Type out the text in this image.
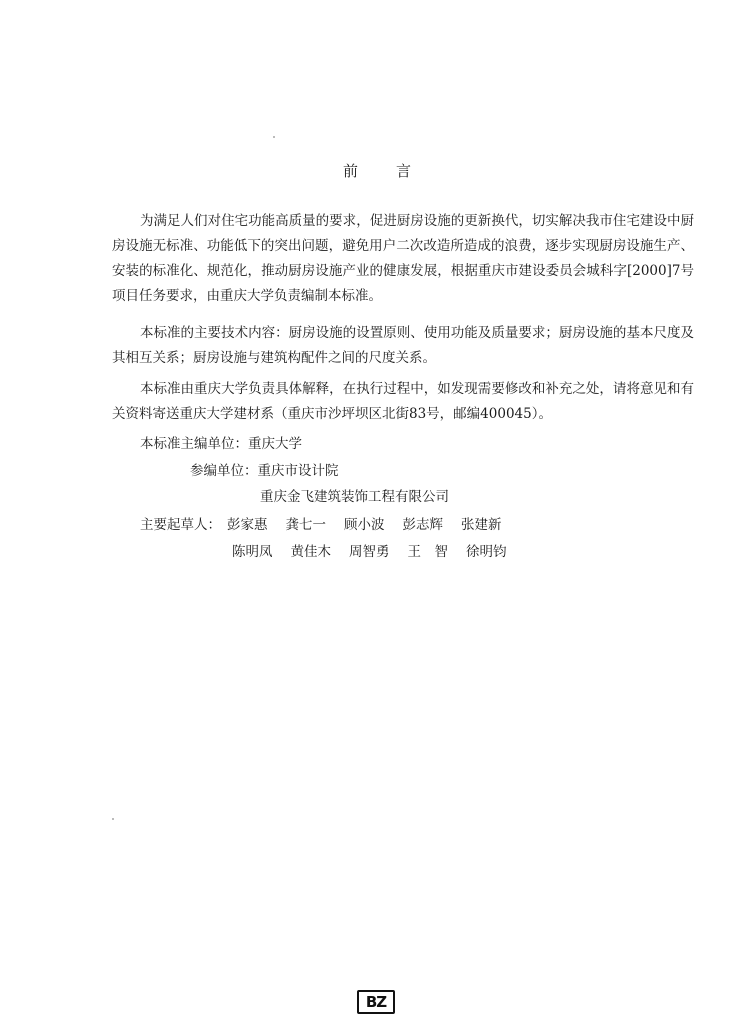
前	言

为满足人们对住宅功能高质量的要求，促进厨房设施的更新换代，切实解决我市住宅建设中厨房设施无标准、功能低下的突出问题，避免用户二次改造所造成的浪费，逐步实现厨房设施生产、安装的标准化、规范化，推动厨房设施产业的健康发展，根据重庆市建设委员会城科字[2000]7号项目任务要求，由重庆大学负责编制本标准。

本标准的主要技术内容：厨房设施的设置原则、使用功能及质量要求；厨房设施的基本尺度及其相互关系；厨房设施与建筑构配件之间的尺度关系。

本标准由重庆大学负责具体解释，在执行过程中，如发现需要修改和补充之处，请将意见和有关资料寄送重庆大学建材系（重庆市沙坪坝区北街83号，邮编400045）。

本标准主编单位：重庆大学
参编单位：重庆市设计院
重庆金飞建筑装饰工程有限公司
主要起草人： 彭家惠 龚七一 顾小波 彭志辉 张建新
陈明凤 黄佳木 周智勇 王　智 徐明钧
BZ
